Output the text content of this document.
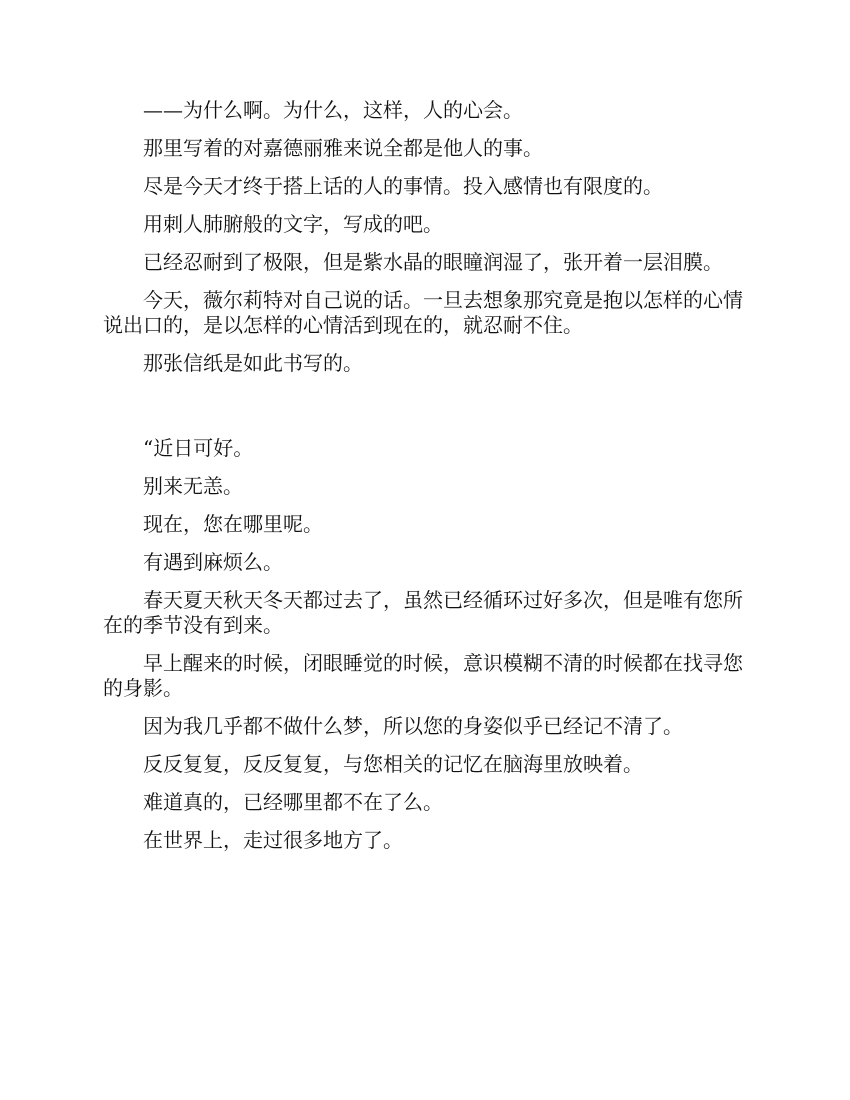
——为什么啊。为什么，这样，人的心会。

那里写着的对嘉德丽雅来说全都是他人的事。

尽是今天才终于搭上话的人的事情。投入感情也有限度的。

用刺人肺腑般的文字，写成的吧。

已经忍耐到了极限，但是紫水晶的眼瞳润湿了，张开着一层泪膜。

今天，薇尔莉特对自己说的话。一旦去想象那究竟是抱以怎样的心情说出口的，是以怎样的心情活到现在的，就忍耐不住。

那张信纸是如此书写的。

“近日可好。

别来无恙。

现在，您在哪里呢。

有遇到麻烦么。

春天夏天秋天冬天都过去了，虽然已经循环过好多次，但是唯有您所在的季节没有到来。

早上醒来的时候，闭眼睡觉的时候，意识模糊不清的时候都在找寻您的身影。

因为我几乎都不做什么梦，所以您的身姿似乎已经记不清了。

反反复复，反反复复，与您相关的记忆在脑海里放映着。

难道真的，已经哪里都不在了么。

在世界上，走过很多地方了。
